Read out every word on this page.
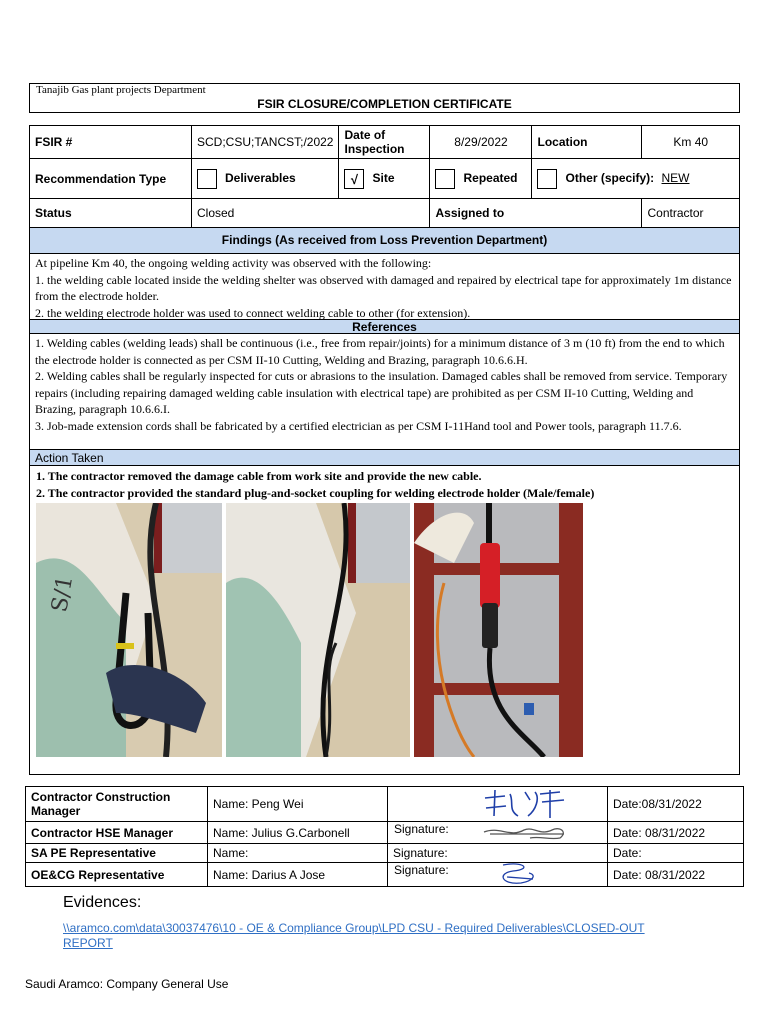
Tanajib Gas plant projects Department
FSIR CLOSURE/COMPLETION CERTIFICATE
FSIR #	SCD;CSU;TANCST;/2022	Date of Inspection	8/29/2022	Location	Km 40
Recommendation Type	Deliverables	√ Site	Repeated	Other (specify): NEW	
Status	Closed		Assigned to		Contractor
Findings (As received from Loss Prevention Department)
At pipeline Km 40, the ongoing welding activity was observed with the following:
1. the welding cable located inside the welding shelter was observed with damaged and repaired by electrical tape for approximately 1m distance from the electrode holder.
2. the welding electrode holder was used to connect welding cable to other (for extension).
References
1. Welding cables (welding leads) shall be continuous (i.e., free from repair/joints) for a minimum distance of 3 m (10 ft) from the end to which the electrode holder is connected as per CSM II-10 Cutting, Welding and Brazing, paragraph 10.6.6.H.
2. Welding cables shall be regularly inspected for cuts or abrasions to the insulation. Damaged cables shall be removed from service. Temporary repairs (including repairing damaged welding cable insulation with electrical tape) are prohibited as per CSM II-10 Cutting, Welding and Brazing, paragraph 10.6.6.I.
3. Job-made extension cords shall be fabricated by a certified electrician as per CSM I-11Hand tool and Power tools, paragraph 11.7.6.
Action Taken
1. The contractor removed the damage cable from work site and provide the new cable.
2. The contractor provided the standard plug-and-socket coupling for welding electrode holder (Male/female)
S/1
Contractor Construction Manager	Name: Peng Wei		Date:08/31/2022
Contractor HSE Manager	Name: Julius G.Carbonell	Signature:	Date: 08/31/2022
SA PE Representative	Name:	Signature:	Date:
OE&CG Representative	Name: Darius A Jose	Signature:	Date: 08/31/2022
Evidences:
\\aramco.com\data\30037476\10 - OE & Compliance Group\LPD CSU - Required Deliverables\CLOSED-OUT
REPORT
Saudi Aramco: Company General Use
